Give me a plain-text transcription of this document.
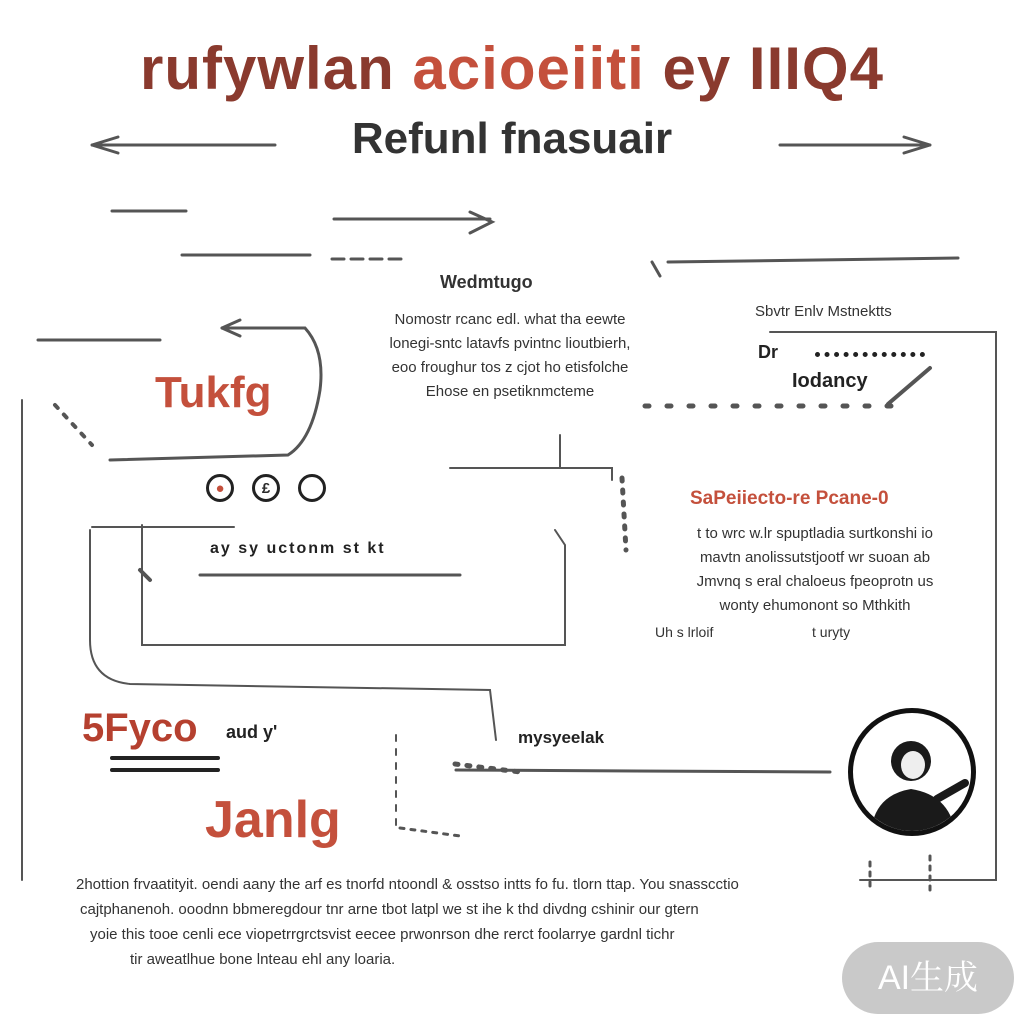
rufywlan acioeiiti ey IIIQ4
Refunl fnasuair
Wedmtugo
Nomostr rcanc edl. what tha eewte
lonegi-sntc latavfs pvintnc lioutbierh,
eoo froughur tos z cjot ho etisfolche
Ehose en psetiknmcteme
Sbvtr Enlv Mstnektts
Dr
Iodancy
Tukfg
●	£
ay sy uctonm st kt
SaPeiiecto-re Pcane-0
t to wrc w.lr spuptladia surtkonshi io
mavtn anolissutstjootf wr suoan ab
Jmvnq s eral chaloeus fpeoprotn us
wonty ehumonont so Mthkith
Uh s lrloif	t uryty
5Fyco aud y'
Janlg
mysyeelak
2hottion frvaatityit. oendi aany the arf es tnorfd ntoondl & osstso intts fo fu. tlorn ttap. You snasscctio
cajtphanenoh. ooodnn bbmeregdour tnr arne tbot latpl we st ihe k thd divdng cshinir our gtern
yoie this tooe cenli ece viopetrrgrctsvist eecee prwonrson dhe rerct foolarrye gardnl tichr
tir aweatlhue bone lnteau ehl any loaria.	AI生成
